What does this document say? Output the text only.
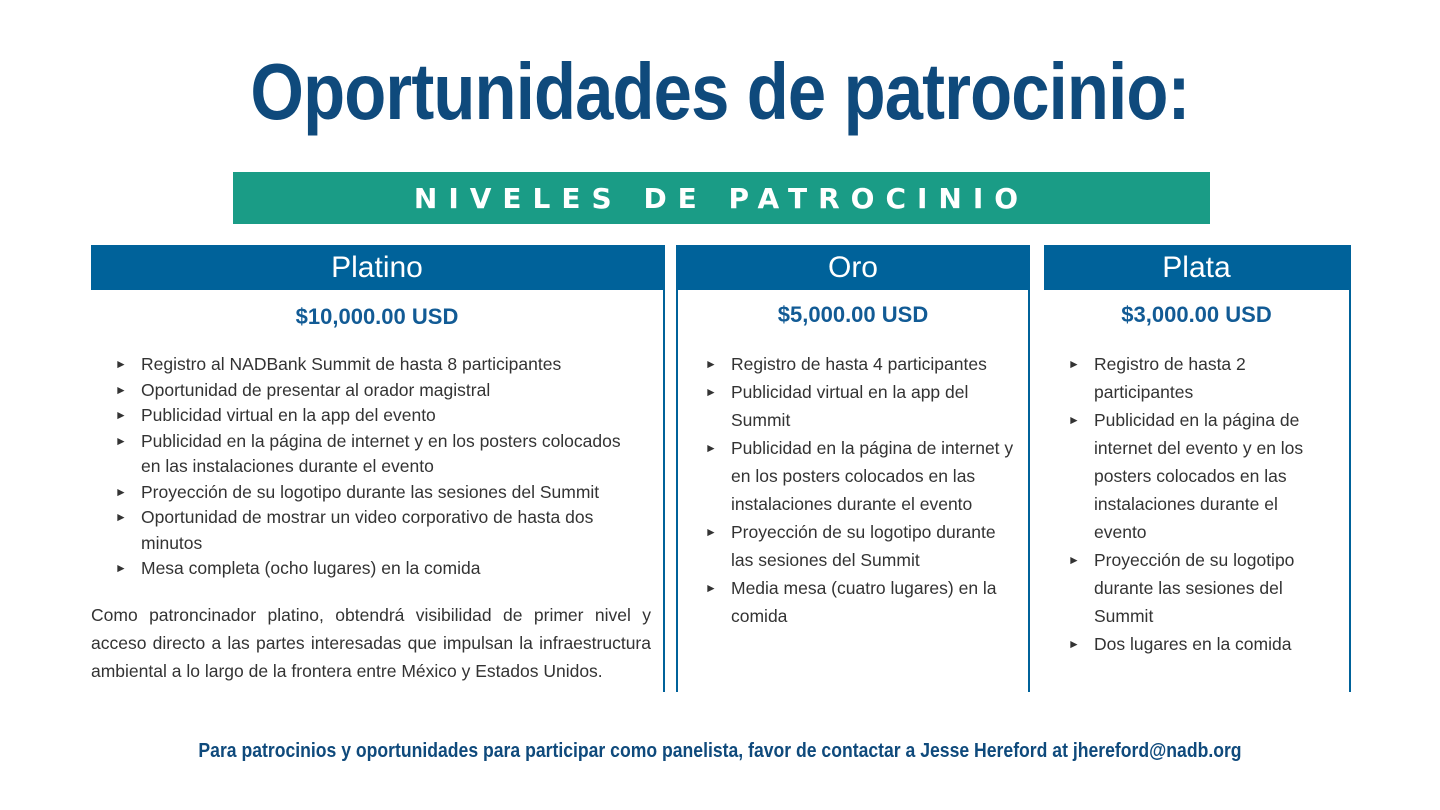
Oportunidades de patrocinio:
NIVELES DE PATROCINIO
Platino
$10,000.00 USD
► Registro al NADBank Summit de hasta 8 participantes
► Oportunidad de presentar al orador magistral
► Publicidad virtual en la app del evento
► Publicidad en la página de internet y en los posters colocados en las instalaciones durante el evento
► Proyección de su logotipo durante las sesiones del Summit
► Oportunidad de mostrar un video corporativo de hasta dos minutos
► Mesa completa (ocho lugares) en la comida

Como patroncinador platino, obtendrá visibilidad de primer nivel y acceso directo a las partes interesadas que impulsan la infraestructura ambiental a lo largo de la frontera entre México y Estados Unidos.

Oro
$5,000.00 USD
► Registro de hasta 4 participantes
► Publicidad virtual en la app del Summit
► Publicidad en la página de internet y en los posters colocados en las instalaciones durante el evento
► Proyección de su logotipo durante las sesiones del Summit
► Media mesa (cuatro lugares) en la comida
Plata
$3,000.00 USD
► Registro de hasta 2 participantes
► Publicidad en la página de internet del evento y en los posters colocados en las instalaciones durante el evento
► Proyección de su logotipo durante las sesiones del Summit
► Dos lugares en la comida

Para patrocinios y oportunidades para participar como panelista, favor de contactar a Jesse Hereford at jhereford@nadb.org
